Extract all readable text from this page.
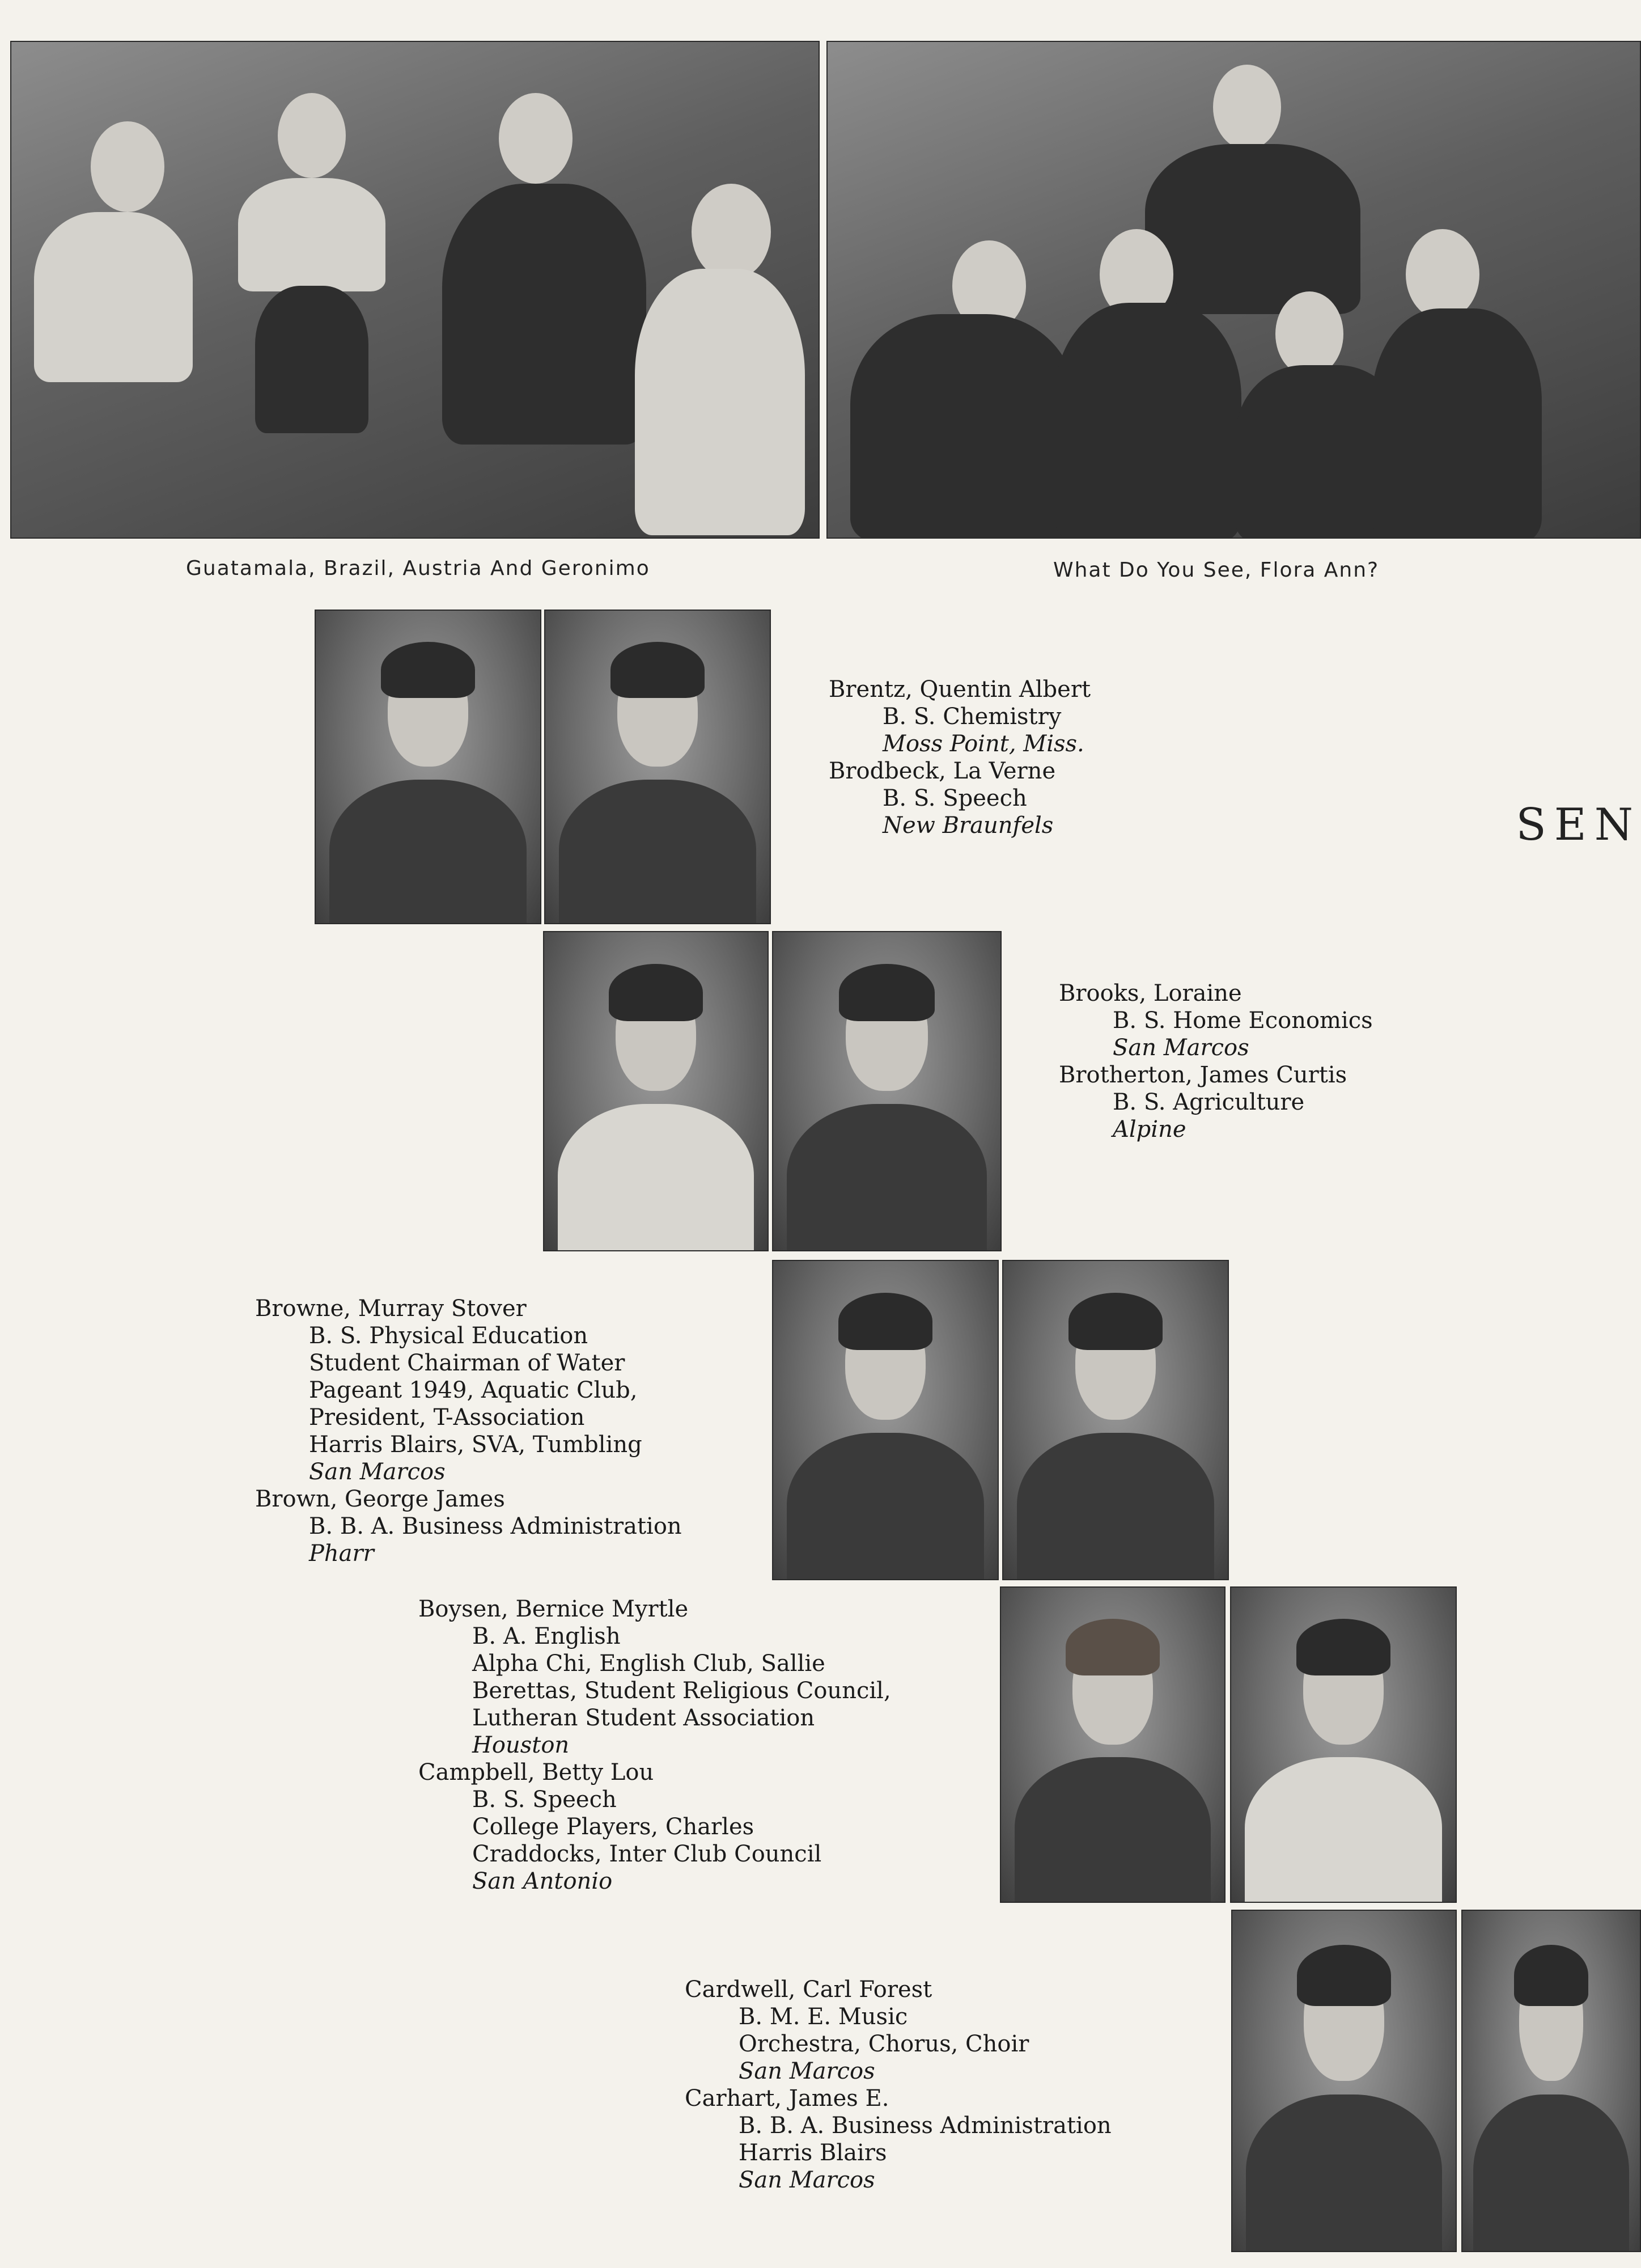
Guatamala, Brazil, Austria And Geronimo	What Do You See, Flora Ann?
SEN
Brentz, Quentin Albert
B. S. Chemistry
Moss Point, Miss.
Brodbeck, La Verne
B. S. Speech
New Braunfels
Brooks, Loraine
B. S. Home Economics
San Marcos
Brotherton, James Curtis
B. S. Agriculture
Alpine
Browne, Murray Stover
B. S. Physical Education
Student Chairman of Water
Pageant 1949, Aquatic Club,
President, T-Association
Harris Blairs, SVA, Tumbling
San Marcos
Brown, George James
B. B. A. Business Administration
Pharr
Boysen, Bernice Myrtle
B. A. English
Alpha Chi, English Club, Sallie
Berettas, Student Religious Council,
Lutheran Student Association
Houston
Campbell, Betty Lou
B. S. Speech
College Players, Charles
Craddocks, Inter Club Council
San Antonio
Cardwell, Carl Forest
B. M. E. Music
Orchestra, Chorus, Choir
San Marcos
Carhart, James E.
B. B. A. Business Administration
Harris Blairs
San Marcos
